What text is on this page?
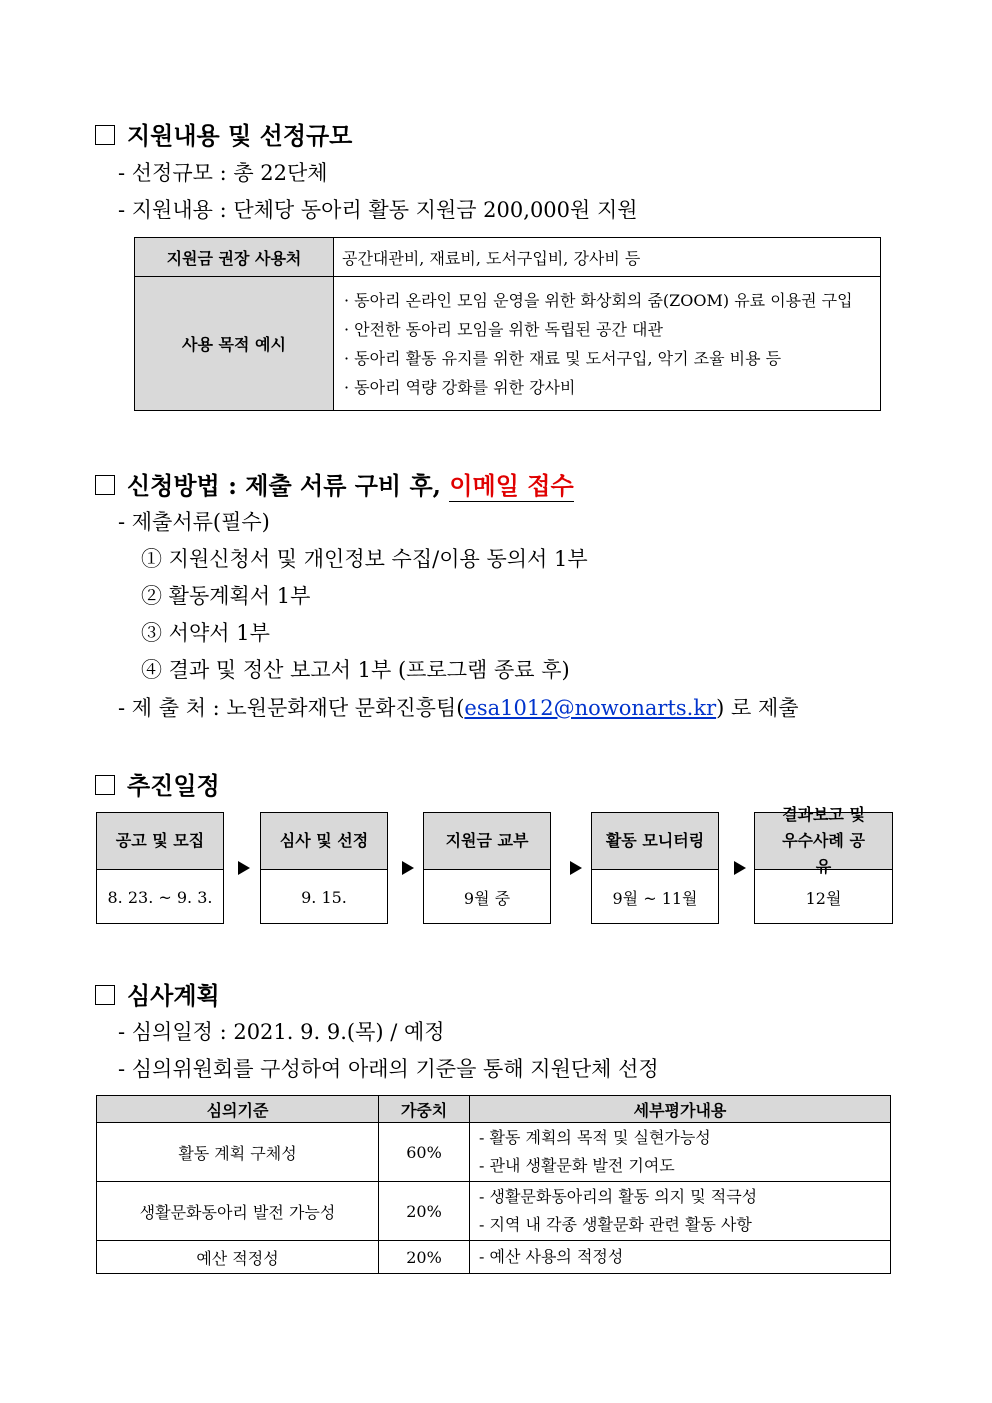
지원내용 및 선정규모
- 선정규모 : 총 22단체
- 지원내용 : 단체당 동아리 활동 지원금 200,000원 지원
지원금 권장 사용처	공간대관비, 재료비, 도서구입비, 강사비 등
사용 목적 예시	· 동아리 온라인 모임 운영을 위한 화상회의 줌(ZOOM) 유료 이용권 구입
· 안전한 동아리 모임을 위한 독립된 공간 대관
· 동아리 활동 유지를 위한 재료 및 도서구입, 악기 조율 비용 등
· 동아리 역량 강화를 위한 강사비
신청방법 : 제출 서류 구비 후, 이메일 접수
- 제출서류(필수)
① 지원신청서 및 개인정보 수집/이용 동의서 1부
② 활동계획서 1부
③ 서약서 1부
④ 결과 및 정산 보고서 1부 (프로그램 종료 후)
- 제 출 처 : 노원문화재단 문화진흥팀(esa1012@nowonarts.kr) 로 제출
추진일정
공고 및 모집
8. 23. ~ 9. 3.
심사 및 선정
9. 15.
지원금 교부
9월 중
활동 모니터링
9월 ~ 11월
결과보고 및 우수사례 공유
12월
심사계획
- 심의일정 : 2021. 9. 9.(목) / 예정
- 심의위원회를 구성하여 아래의 기준을 통해 지원단체 선정
심의기준	가중치	세부평가내용
활동 계획 구체성	60%	- 활동 계획의 목적 및 실현가능성
- 관내 생활문화 발전 기여도

생활문화동아리 발전 가능성	20%	- 생활문화동아리의 활동 의지 및 적극성
- 지역 내 각종 생활문화 관련 활동 사항

예산 적정성	20%	- 예산 사용의 적정성
